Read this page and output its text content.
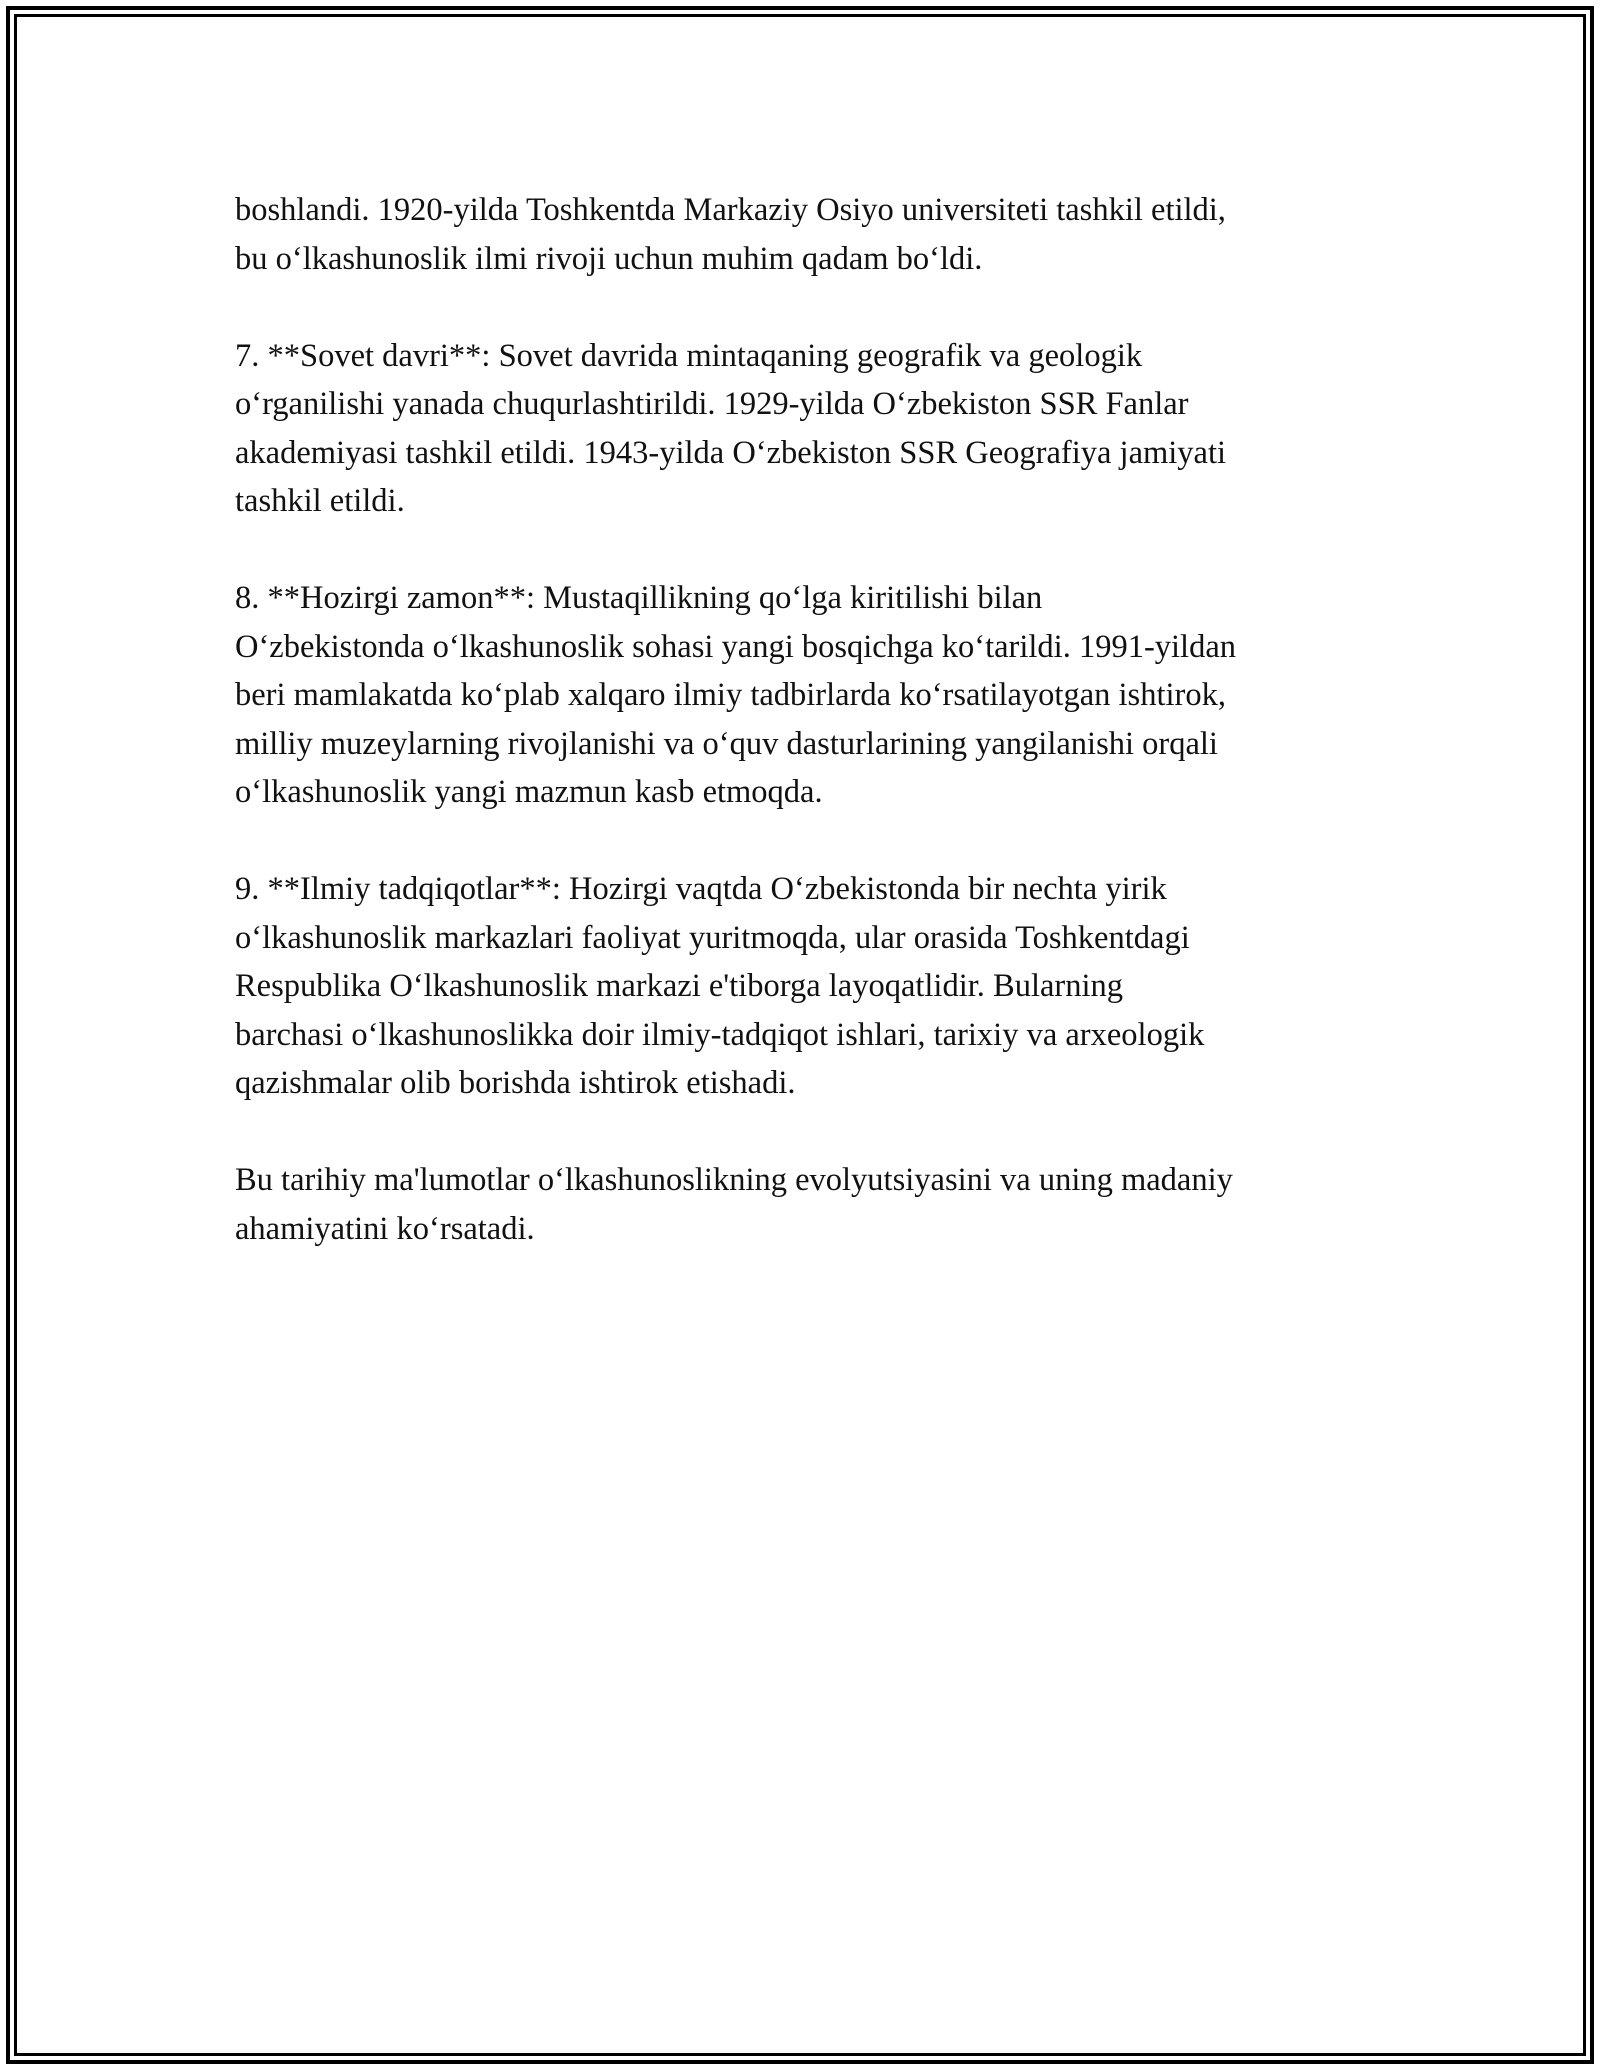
boshlandi. 1920-yilda Toshkentda Markaziy Osiyo universiteti tashkil etildi,
bu o‘lkashunoslik ilmi rivoji uchun muhim qadam bo‘ldi.

7. **Sovet davri**: Sovet davrida mintaqaning geografik va geologik
o‘rganilishi yanada chuqurlashtirildi. 1929-yilda O‘zbekiston SSR Fanlar
akademiyasi tashkil etildi. 1943-yilda O‘zbekiston SSR Geografiya jamiyati
tashkil etildi.

8. **Hozirgi zamon**: Mustaqillikning qo‘lga kiritilishi bilan
O‘zbekistonda o‘lkashunoslik sohasi yangi bosqichga ko‘tarildi. 1991-yildan
beri mamlakatda ko‘plab xalqaro ilmiy tadbirlarda ko‘rsatilayotgan ishtirok,
milliy muzeylarning rivojlanishi va o‘quv dasturlarining yangilanishi orqali
o‘lkashunoslik yangi mazmun kasb etmoqda.

9. **Ilmiy tadqiqotlar**: Hozirgi vaqtda O‘zbekistonda bir nechta yirik
o‘lkashunoslik markazlari faoliyat yuritmoqda, ular orasida Toshkentdagi
Respublika O‘lkashunoslik markazi e'tiborga layoqatlidir. Bularning
barchasi o‘lkashunoslikka doir ilmiy-tadqiqot ishlari, tarixiy va arxeologik
qazishmalar olib borishda ishtirok etishadi.

Bu tarihiy ma'lumotlar o‘lkashunoslikning evolyutsiyasini va uning madaniy
ahamiyatini ko‘rsatadi.
